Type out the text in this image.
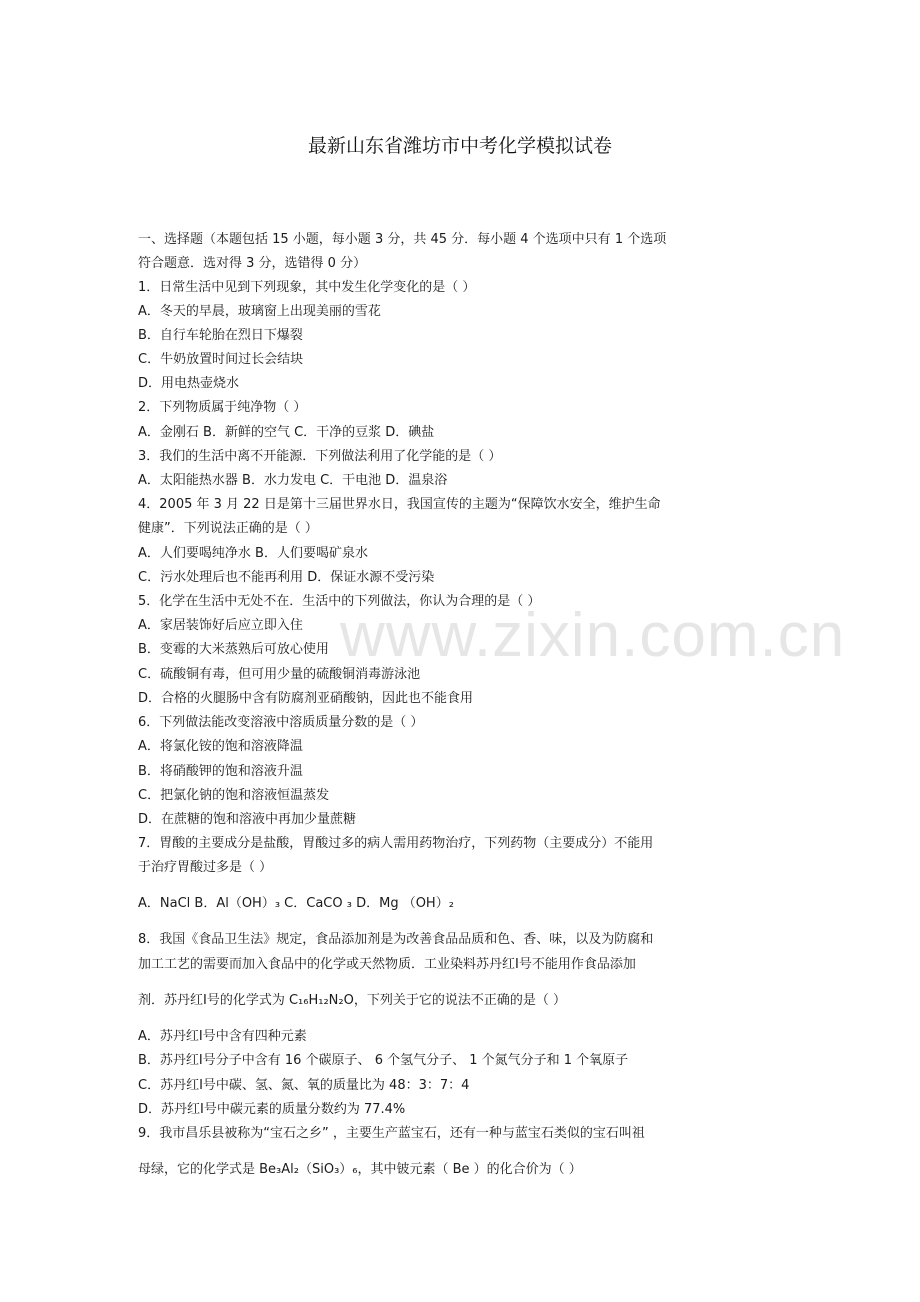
www.zixin.com.cn
最新山东省潍坊市中考化学模拟试卷
一、选择题（本题包括 15 小题，每小题 3 分，共 45 分．每小题 4 个选项中只有 1 个选项
符合题意．选对得 3 分，选错得 0 分）
1．日常生活中见到下列现象，其中发生化学变化的是（ ）
A．冬天的早晨，玻璃窗上出现美丽的雪花
B．自行车轮胎在烈日下爆裂
C．牛奶放置时间过长会结块
D．用电热壶烧水
2．下列物质属于纯净物（ ）
A．金刚石 B．新鲜的空气 C．干净的豆浆 D．碘盐
3．我们的生活中离不开能源．下列做法利用了化学能的是（ ）
A．太阳能热水器 B．水力发电 C．干电池 D．温泉浴
4．2005 年 3 月 22 日是第十三届世界水日，我国宣传的主题为“保障饮水安全，维护生命
健康”．下列说法正确的是（ ）
A．人们要喝纯净水 B．人们要喝矿泉水
C．污水处理后也不能再利用 D．保证水源不受污染
5．化学在生活中无处不在．生活中的下列做法，你认为合理的是（ ）
A．家居装饰好后应立即入住
B．变霉的大米蒸熟后可放心使用
C．硫酸铜有毒，但可用少量的硫酸铜消毒游泳池
D．合格的火腿肠中含有防腐剂亚硝酸钠，因此也不能食用
6．下列做法能改变溶液中溶质质量分数的是（ ）
A．将氯化铵的饱和溶液降温
B．将硝酸钾的饱和溶液升温
C．把氯化钠的饱和溶液恒温蒸发
D．在蔗糖的饱和溶液中再加少量蔗糖
7．胃酸的主要成分是盐酸，胃酸过多的病人需用药物治疗，下列药物（主要成分）不能用
于治疗胃酸过多是（ ）
A．NaCl B．Al（OH）₃ C．CaCO ₃ D．Mg （OH）₂
8．我国《食品卫生法》规定，食品添加剂是为改善食品品质和色、香、味，以及为防腐和
加工工艺的需要而加入食品中的化学或天然物质．工业染料苏丹红Ⅰ号不能用作食品添加
剂．苏丹红Ⅰ号的化学式为 C₁₆H₁₂N₂O，下列关于它的说法不正确的是（ ）
A．苏丹红Ⅰ号中含有四种元素
B．苏丹红Ⅰ号分子中含有 16 个碳原子、 6 个氢气分子、 1 个氮气分子和 1 个氧原子
C．苏丹红Ⅰ号中碳、氢、氮、氧的质量比为 48：3：7：4
D．苏丹红Ⅰ号中碳元素的质量分数约为 77.4%
9．我市昌乐县被称为“宝石之乡” ，主要生产蓝宝石，还有一种与蓝宝石类似的宝石叫祖
母绿，它的化学式是 Be₃Al₂（SiO₃）₆，其中铍元素（ Be ）的化合价为（ ）
